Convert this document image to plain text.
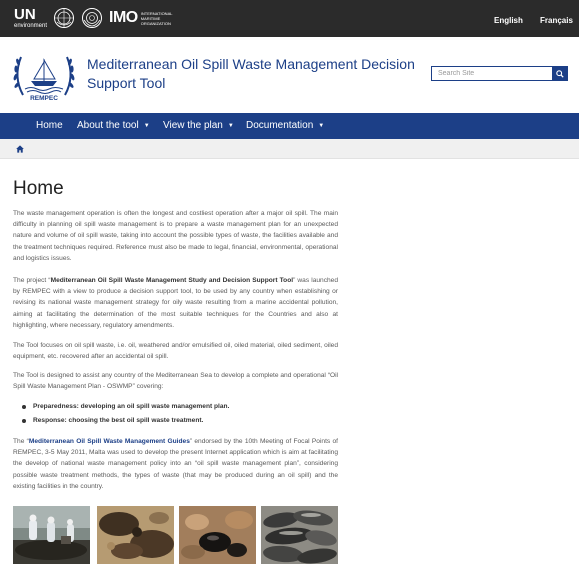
UN
environment	IMO INTERNATIONAL MARITIME ORGANIZATION	English Français
REMPEC
Mediterranean Oil Spill Waste Management Decision Support Tool
Search Site
Home About the tool ▼ View the plan ▼ Documentation ▼
Home

The waste management operation is often the longest and costliest operation after a major oil spill. The main difficulty in planning oil spill waste management is to prepare a waste management plan for an unexpected nature and volume of oil spill waste, taking into account the possible types of waste, the facilities available and the treatment techniques required. Reference must also be made to legal, financial, environmental, operational and logistics issues.

The project “Mediterranean Oil Spill Waste Management Study and Decision Support Tool” was launched by REMPEC with a view to produce a decision support tool, to be used by any country when establishing or revising its national waste management strategy for oily waste resulting from a marine accidental pollution, aiming at facilitating the determination of the most suitable techniques for the Countries and also at highlighting, where necessary, regulatory amendments.

The Tool focuses on oil spill waste, i.e. oil, weathered and/or emulsified oil, oiled material, oiled sediment, oiled equipment, etc. recovered after an accidental oil spill.

The Tool is designed to assist any country of the Mediterranean Sea to develop a complete and operational “Oil Spill Waste Management Plan - OSWMP” covering:

Preparedness: developing an oil spill waste management plan.
Response: choosing the best oil spill waste treatment.

The “Mediterranean Oil Spill Waste Management Guides” endorsed by the 10th Meeting of Focal Points of REMPEC, 3-5 May 2011, Malta was used to develop the present Internet application which is aim at facilitating the develop of national waste management policy into an “oil spill waste management plan”, considering possible waste treatment methods, the types of waste (that may be produced during an oil spill) and the existing facilities in the country.
